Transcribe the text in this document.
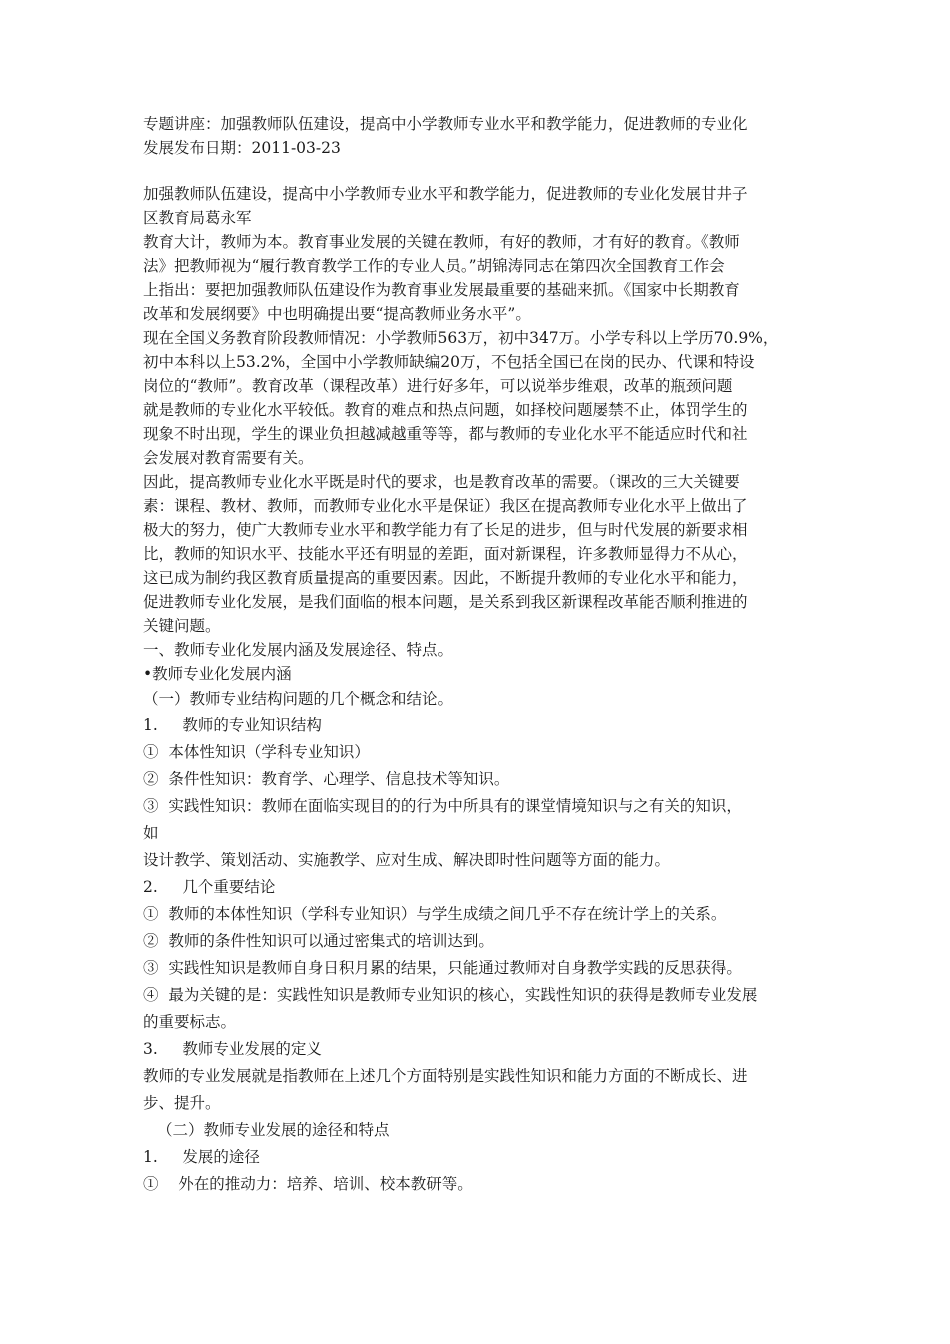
专题讲座：加强教师队伍建设，提高中小学教师专业水平和教学能力，促进教师的专业化
发展发布日期：2011-03-23
加强教师队伍建设，提高中小学教师专业水平和教学能力，促进教师的专业化发展甘井子
区教育局葛永军
教育大计，教师为本。教育事业发展的关键在教师，有好的教师，才有好的教育。《教师
法》把教师视为“履行教育教学工作的专业人员。”胡锦涛同志在第四次全国教育工作会
上指出：要把加强教师队伍建设作为教育事业发展最重要的基础来抓。《国家中长期教育
改革和发展纲要》中也明确提出要“提高教师业务水平”。
现在全国义务教育阶段教师情况：小学教师563万，初中347万。小学专科以上学历70.9%，
初中本科以上53.2%，全国中小学教师缺编20万，不包括全国已在岗的民办、代课和特设
岗位的“教师”。教育改革（课程改革）进行好多年，可以说举步维艰，改革的瓶颈问题
就是教师的专业化水平较低。教育的难点和热点问题，如择校问题屡禁不止，体罚学生的
现象不时出现，学生的课业负担越减越重等等，都与教师的专业化水平不能适应时代和社
会发展对教育需要有关。
因此，提高教师专业化水平既是时代的要求，也是教育改革的需要。（课改的三大关键要
素：课程、教材、教师，而教师专业化水平是保证）我区在提高教师专业化水平上做出了
极大的努力，使广大教师专业水平和教学能力有了长足的进步，但与时代发展的新要求相
比，教师的知识水平、技能水平还有明显的差距，面对新课程，许多教师显得力不从心，
这已成为制约我区教育质量提高的重要因素。因此，不断提升教师的专业化水平和能力，
促进教师专业化发展，是我们面临的根本问题，是关系到我区新课程改革能否顺利推进的
关键问题。
一、教师专业化发展内涵及发展途径、特点。
•教师专业化发展内涵
（一）教师专业结构问题的几个概念和结论。
1.     教师的专业知识结构
①  本体性知识（学科专业知识）
②  条件性知识：教育学、心理学、信息技术等知识。
③  实践性知识：教师在面临实现目的的行为中所具有的课堂情境知识与之有关的知识，
如
设计教学、策划活动、实施教学、应对生成、解决即时性问题等方面的能力。
2.     几个重要结论
①  教师的本体性知识（学科专业知识）与学生成绩之间几乎不存在统计学上的关系。
②  教师的条件性知识可以通过密集式的培训达到。
③  实践性知识是教师自身日积月累的结果，只能通过教师对自身教学实践的反思获得。
④  最为关键的是：实践性知识是教师专业知识的核心，实践性知识的获得是教师专业发展
的重要标志。
3.     教师专业发展的定义
教师的专业发展就是指教师在上述几个方面特别是实践性知识和能力方面的不断成长、进
步、提升。
（二）教师专业发展的途径和特点
1.     发展的途径
①    外在的推动力：培养、培训、校本教研等。
